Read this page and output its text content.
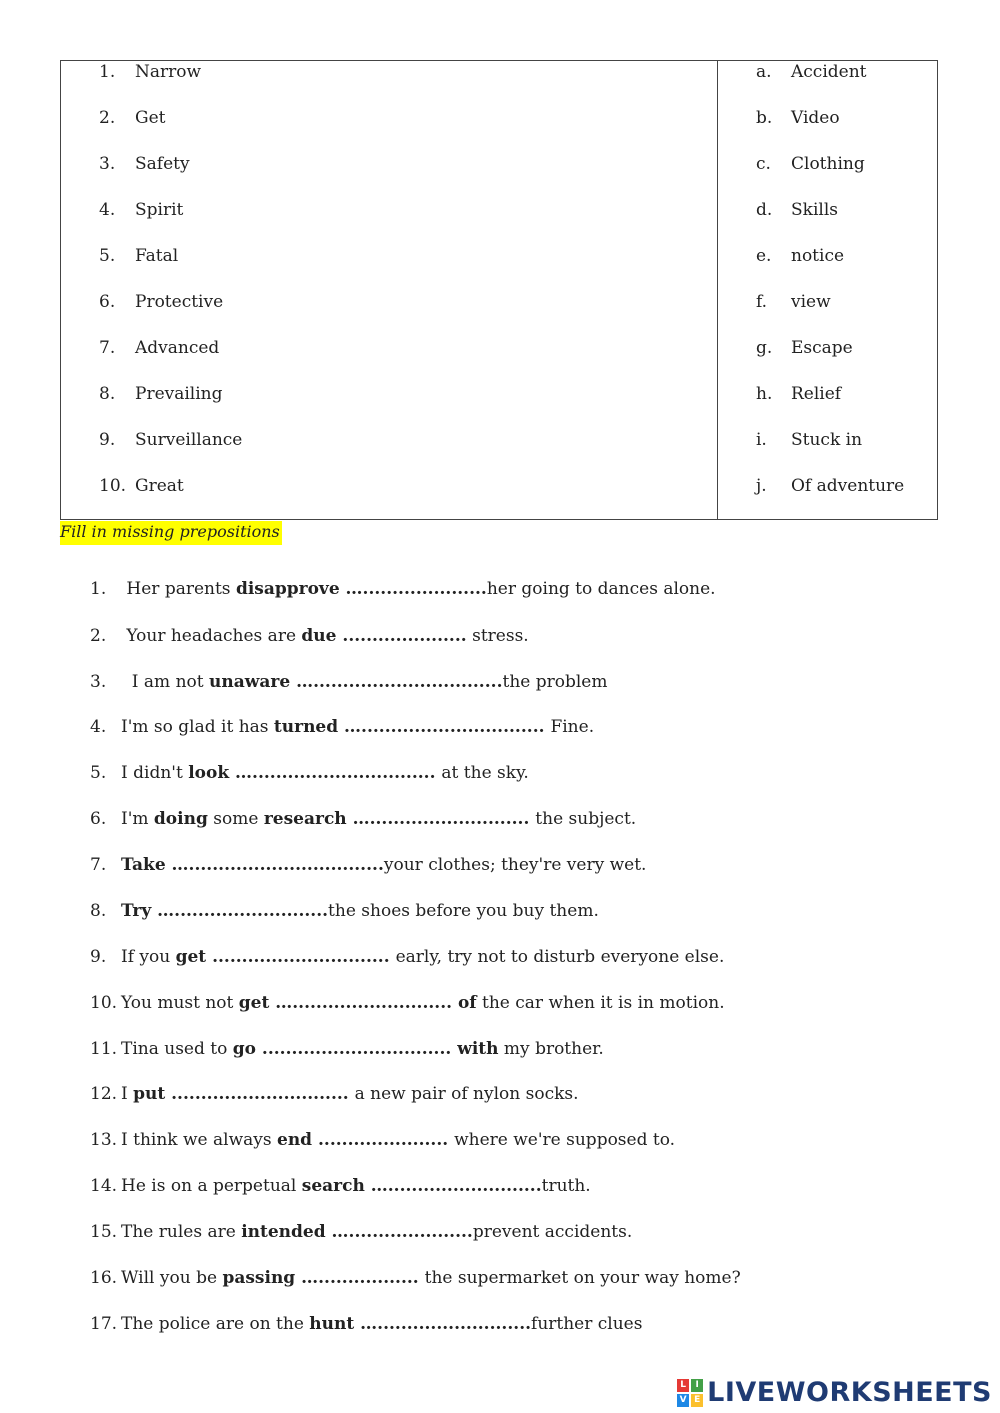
1. Narrow
2. Get
3. Safety
4. Spirit
5. Fatal
6. Protective
7. Advanced
8. Prevailing
9. Surveillance
10. Great
a. Accident
b. Video
c. Clothing
d. Skills
e. notice
f. view
g. Escape
h. Relief
i. Stuck in
j. Of adventure
Fill in missing prepositions
1. Her parents disapprove ….....................her going to dances alone.
2. Your headaches are due ..................... stress.
3.  I am not unaware …................................the problem
4. I'm so glad it has turned …............................... Fine.
5. I didn't look …............................... at the sky.
6. I'm doing some research …........................... the subject.
7. Take ….................................your clothes; they're very wet.
8. Try …..........................the shoes before you buy them.
9. If you get .............................. early, try not to disturb everyone else.
10. You must not get …........................... of the car when it is in motion.
11. Tina used to go ................................ with my brother.
12. I put .............................. a new pair of nylon socks.
13. I think we always end ...................... where we're supposed to.
14. He is on a perpetual search …..........................truth.
15. The rules are intended ….....................prevent accidents.
16. Will you be passing …................. the supermarket on your way home?
17. The police are on the hunt …..........................further clues
L	I
V E LIVEWORKSHEETS
